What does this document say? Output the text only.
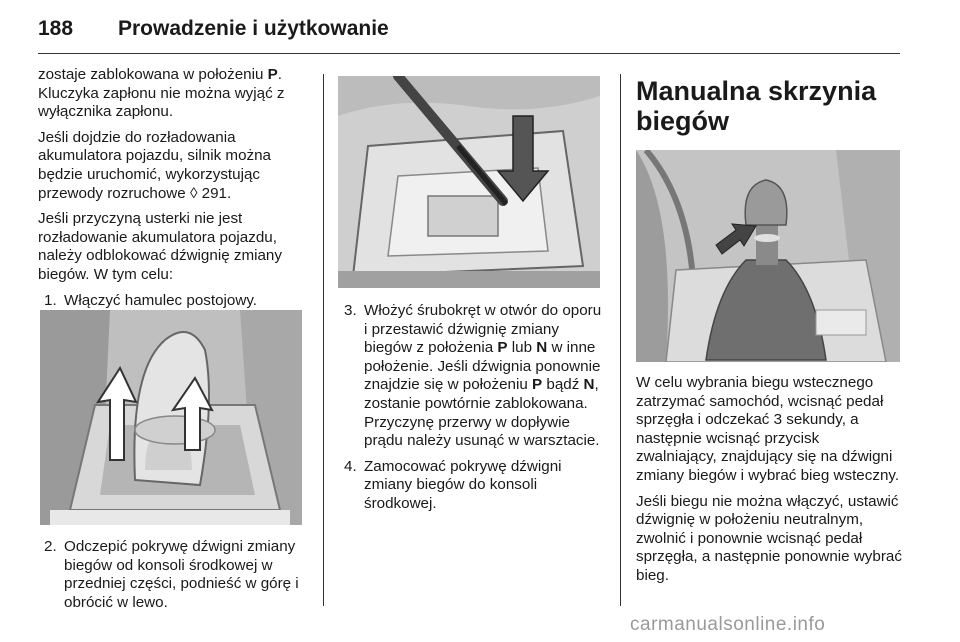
188	Prowadzenie i użytkowanie

zostaje zablokowana w położeniu P. Kluczyka zapłonu nie można wyjąć z wyłącznika zapłonu.

Jeśli dojdzie do rozładowania akumulatora pojazdu, silnik można będzie uruchomić, wykorzystując przewody rozruchowe ◊ 291.

Jeśli przyczyną usterki nie jest rozładowanie akumulatora pojazdu, należy odblokować dźwignię zmiany biegów. W tym celu:

1. Włączyć hamulec postojowy.
2. Odczepić pokrywę dźwigni zmiany biegów od konsoli środkowej w przedniej części, podnieść w górę i obrócić w lewo.
3. Włożyć śrubokręt w otwór do oporu i przestawić dźwignię zmiany biegów z położenia P lub N w inne położenie. Jeśli dźwignia ponownie znajdzie się w położeniu P bądź N, zostanie powtórnie zablokowana. Przyczynę przerwy w dopływie prądu należy usunąć w warsztacie.
4. Zamocować pokrywę dźwigni zmiany biegów do konsoli środkowej.
Manualna skrzynia biegów

W celu wybrania biegu wstecznego zatrzymać samochód, wcisnąć pedał sprzęgła i odczekać 3 sekundy, a następnie wcisnąć przycisk zwalniający, znajdujący się na dźwigni zmiany biegów i wybrać bieg wsteczny.

Jeśli biegu nie można włączyć, ustawić dźwignię w położeniu neutralnym, zwolnić i ponownie wcisnąć pedał sprzęgła, a następnie ponownie wybrać bieg.

carmanualsonline.info
